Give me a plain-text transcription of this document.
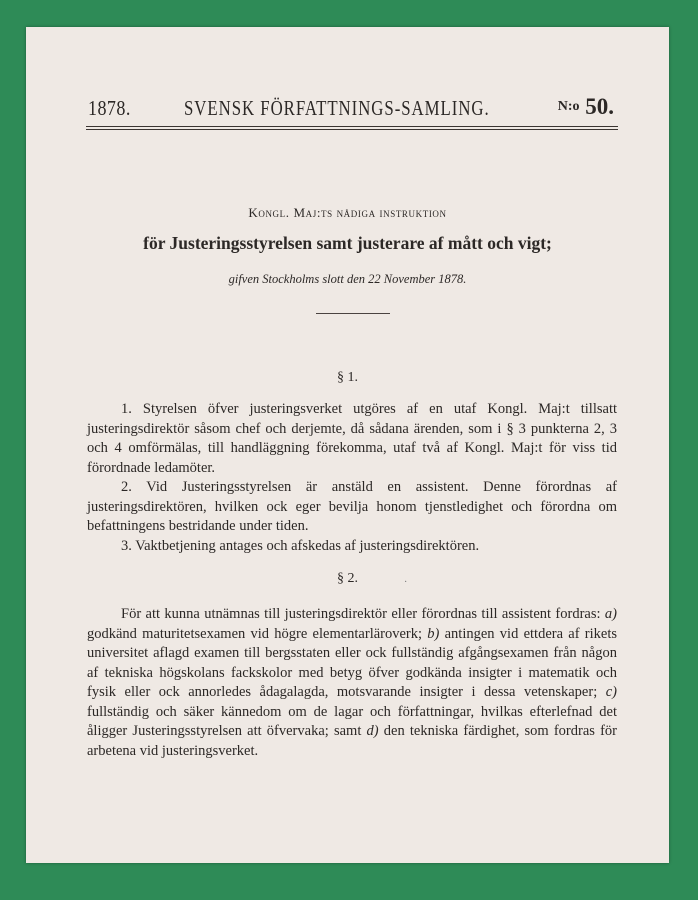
1878.	SVENSK FÖRFATTNINGS-SAMLING.	N:o 50.
Kongl. Maj:ts nådiga instruktion
för Justeringsstyrelsen samt justerare af mått och vigt;
gifven Stockholms slott den 22 November 1878.
§ 1.

1. Styrelsen öfver justeringsverket utgöres af en utaf Kongl. Maj:t tillsatt justeringsdirektör såsom chef och derjemte, då sådana ärenden, som i § 3 punkterna 2, 3 och 4 omförmälas, till handläggning förekomma, utaf två af Kongl. Maj:t för viss tid förordnade ledamöter.

2. Vid Justeringsstyrelsen är anstäld en assistent. Denne förordnas af justeringsdirektören, hvilken ock eger bevilja honom tjenstledighet och förordna om befattningens bestridande under tiden.

3. Vaktbetjening antages och afskedas af justeringsdirektören.

§ 2.	·

För att kunna utnämnas till justeringsdirektör eller förordnas till assistent fordras: a) godkänd maturitetsexamen vid högre elementarläroverk; b) antingen vid ettdera af rikets universitet aflagd examen till bergsstaten eller ock fullständig afgångsexamen från någon af tekniska högskolans fackskolor med betyg öfver godkända insigter i matematik och fysik eller ock annorledes ådagalagda, motsvarande insigter i dessa vetenskaper; c) fullständig och säker kännedom om de lagar och författningar, hvilkas efterlefnad det åligger Justeringsstyrelsen att öfvervaka; samt d) den tekniska färdighet, som fordras för arbetena vid justeringsverket.
